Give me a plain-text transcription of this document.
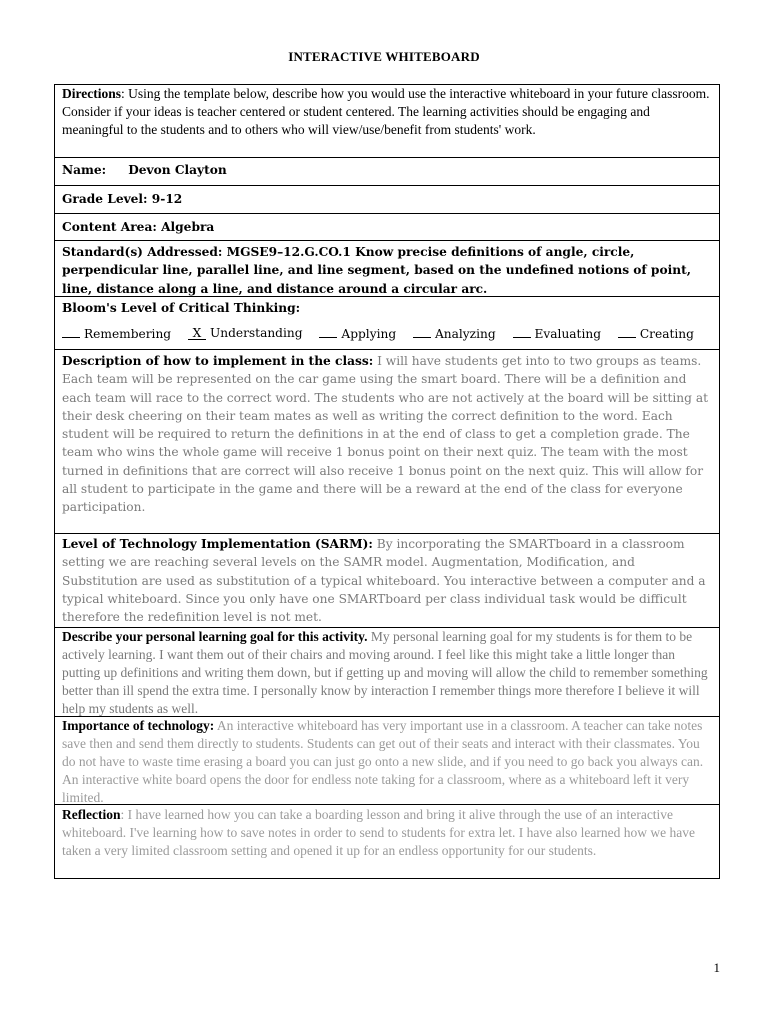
INTERACTIVE WHITEBOARD
Directions: Using the template below, describe how you would use the interactive whiteboard in your future classroom. Consider if your ideas is teacher centered or student centered. The learning activities should be engaging and meaningful to the students and to others who will view/use/benefit from students' work.
Name: Devon Clayton
Grade Level: 9-12
Content Area: Algebra
Standard(s) Addressed: MGSE9–12.G.CO.1 Know precise definitions of angle, circle, perpendicular line, parallel line, and line segment, based on the undefined notions of point, line, distance along a line, and distance around a circular arc.
Bloom's Level of Critical Thinking:
Remembering	X Understanding	Applying	Analyzing	Evaluating	Creating
Description of how to implement in the class: I will have students get into to two groups as teams. Each team will be represented on the car game using the smart board. There will be a definition and each team will race to the correct word. The students who are not actively at the board will be sitting at their desk cheering on their team mates as well as writing the correct definition to the word. Each student will be required to return the definitions in at the end of class to get a completion grade. The team who wins the whole game will receive 1 bonus point on their next quiz. The team with the most turned in definitions that are correct will also receive 1 bonus point on the next quiz. This will allow for all student to participate in the game and there will be a reward at the end of the class for everyone participation.
Level of Technology Implementation (SARM): By incorporating the SMARTboard in a classroom setting we are reaching several levels on the SAMR model. Augmentation, Modification, and Substitution are used as substitution of a typical whiteboard. You interactive between a computer and a typical whiteboard. Since you only have one SMARTboard per class individual task would be difficult therefore the redefinition level is not met.
Describe your personal learning goal for this activity. My personal learning goal for my students is for them to be actively learning. I want them out of their chairs and moving around. I feel like this might take a little longer than putting up definitions and writing them down, but if getting up and moving will allow the child to remember something better than ill spend the extra time. I personally know by interaction I remember things more therefore I believe it will help my students as well.
Importance of technology: An interactive whiteboard has very important use in a classroom. A teacher can take notes save then and send them directly to students. Students can get out of their seats and interact with their classmates. You do not have to waste time erasing a board you can just go onto a new slide, and if you need to go back you always can. An interactive white board opens the door for endless note taking for a classroom, where as a whiteboard left it very limited.
Reflection: I have learned how you can take a boarding lesson and bring it alive through the use of an interactive whiteboard. I've learning how to save notes in order to send to students for extra let. I have also learned how we have taken a very limited classroom setting and opened it up for an endless opportunity for our students.
1
